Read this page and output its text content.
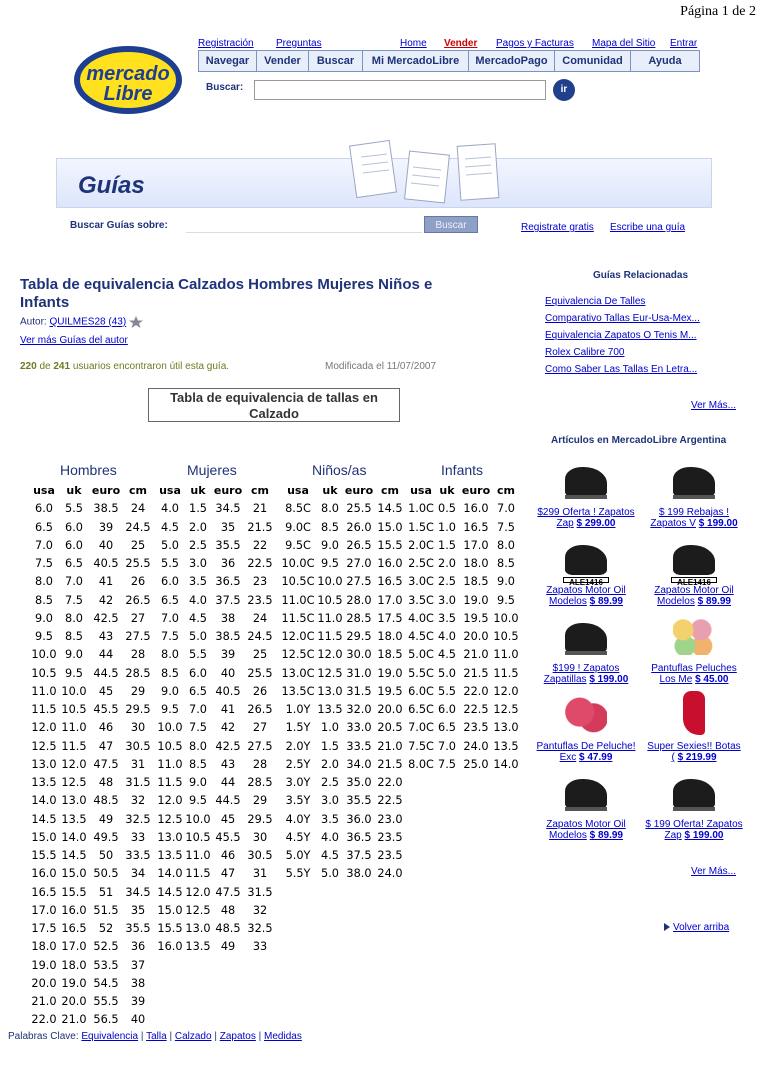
Página 1 de 2
mercado
Libre
Registración Preguntas	Home Vender Pagos y Facturas Mapa del Sitio Entrar
Navegar	Vender	Buscar	Mi MercadoLibre	MercadoPago	Comunidad	Ayuda
Buscar:	ir
Guías
Buscar Guías sobre:	Buscar	Registrate gratis Escribe una guía
Tabla de equivalencia Calzados Hombres Mujeres Niños e Infants
Autor: QUILMES28 (43)
Ver más Guías del autor
220 de 241 usuarios encontraron útil esta guía.	Modificada el 11/07/2007
Tabla de equivalencia de tallas en Calzado
Hombres	Mujeres	Niños/as	Infants
usa	uk	euro	cm
6.0	5.5	38.5	24
6.5	6.0	39	24.5
7.0	6.0	40	25
7.5	6.5	40.5	25.5
8.0	7.0	41	26
8.5	7.5	42	26.5
9.0	8.0	42.5	27
9.5	8.5	43	27.5
10.0	9.0	44	28
10.5	9.5	44.5	28.5
11.0	10.0	45	29
11.5	10.5	45.5	29.5
12.0	11.0	46	30
12.5	11.5	47	30.5
13.0	12.0	47.5	31
13.5	12.5	48	31.5
14.0	13.0	48.5	32
14.5	13.5	49	32.5
15.0	14.0	49.5	33
15.5	14.5	50	33.5
16.0	15.0	50.5	34
16.5	15.5	51	34.5
17.0	16.0	51.5	35
17.5	16.5	52	35.5
18.0	17.0	52.5	36
19.0	18.0	53.5	37
20.0	19.0	54.5	38
21.0	20.0	55.5	39
22.0	21.0	56.5	40
usa	uk	euro	cm
4.0	1.5	34.5	21
4.5	2.0	35	21.5
5.0	2.5	35.5	22
5.5	3.0	36	22.5
6.0	3.5	36.5	23
6.5	4.0	37.5	23.5
7.0	4.5	38	24
7.5	5.0	38.5	24.5
8.0	5.5	39	25
8.5	6.0	40	25.5
9.0	6.5	40.5	26
9.5	7.0	41	26.5
10.0	7.5	42	27
10.5	8.0	42.5	27.5
11.0	8.5	43	28
11.5	9.0	44	28.5
12.0	9.5	44.5	29
12.5	10.0	45	29.5
13.0	10.5	45.5	30
13.5	11.0	46	30.5
14.0	11.5	47	31
14.5	12.0	47.5	31.5
15.0	12.5	48	32
15.5	13.0	48.5	32.5
16.0	13.5	49	33
usa	uk	euro	cm
8.5C	8.0	25.5	14.5
9.0C	8.5	26.0	15.0
9.5C	9.0	26.5	15.5
10.0C	9.5	27.0	16.0
10.5C	10.0	27.5	16.5
11.0C	10.5	28.0	17.0
11.5C	11.0	28.5	17.5
12.0C	11.5	29.5	18.0
12.5C	12.0	30.0	18.5
13.0C	12.5	31.0	19.0
13.5C	13.0	31.5	19.5
1.0Y	13.5	32.0	20.0
1.5Y	1.0	33.0	20.5
2.0Y	1.5	33.5	21.0
2.5Y	2.0	34.0	21.5
3.0Y	2.5	35.0	22.0
3.5Y	3.0	35.5	22.5
4.0Y	3.5	36.0	23.0
4.5Y	4.0	36.5	23.5
5.0Y	4.5	37.5	23.5
5.5Y	5.0	38.0	24.0
usa	uk	euro	cm
1.0C	0.5	16.0	7.0
1.5C	1.0	16.5	7.5
2.0C	1.5	17.0	8.0
2.5C	2.0	18.0	8.5
3.0C	2.5	18.5	9.0
3.5C	3.0	19.0	9.5
4.0C	3.5	19.5	10.0
4.5C	4.0	20.0	10.5
5.0C	4.5	21.0	11.0
5.5C	5.0	21.5	11.5
6.0C	5.5	22.0	12.0
6.5C	6.0	22.5	12.5
7.0C	6.5	23.5	13.0
7.5C	7.0	24.0	13.5
8.0C	7.5	25.0	14.0
Guías Relacionadas
Equivalencia De Talles
Comparativo Tallas Eur-Usa-Mex...
Equivalencia Zapatos O Tenis M...
Rolex Calibre 700
Como Saber Las Tallas En Letra...
Ver Más...
Artículos en MercadoLibre Argentina
$299 Oferta ! Zapatos
Zap $ 299.00
$ 199 Rebajas !
Zapatos V $ 199.00
ALE1416
Zapatos Motor Oil
Modelos $ 89.99
ALE1416
Zapatos Motor Oil
Modelos $ 89.99
$199 ! Zapatos
Zapatillas $ 199.00
Pantuflas Peluches
Los Me $ 45.00
Pantuflas De Peluche!
Exc $ 47.99
Super Sexies!! Botas
( $ 219.99
Zapatos Motor Oil
Modelos $ 89.99
$ 199 Oferta! Zapatos
Zap $ 199.00
Ver Más...
Volver arriba
Palabras Clave: Equivalencia | Talla | Calzado | Zapatos | Medidas
